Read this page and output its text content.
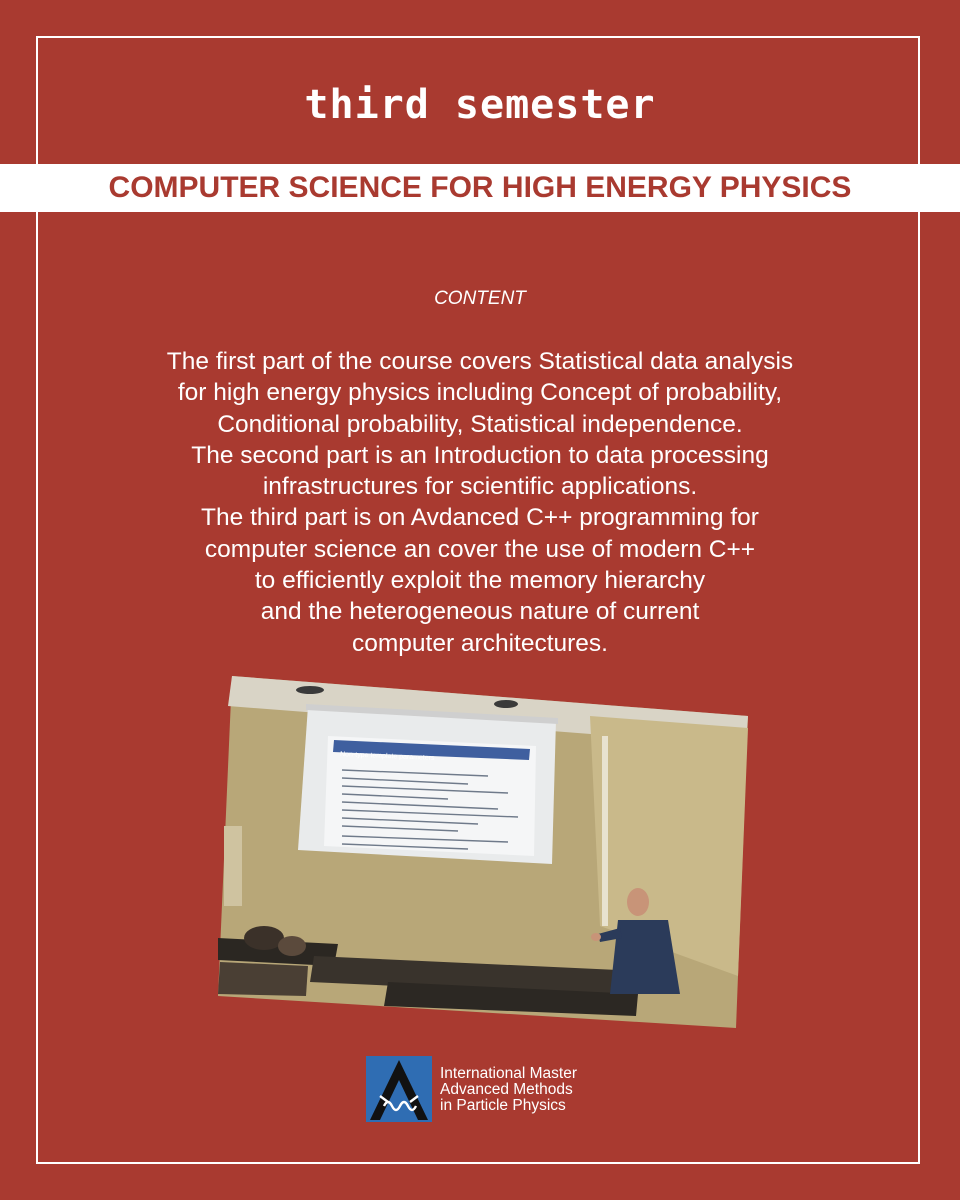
third semester
COMPUTER SCIENCE FOR HIGH ENERGY PHYSICS
CONTENT
The first part of the course covers Statistical data analysis
for high energy physics including Concept of probability,
Conditional probability, Statistical independence.
The second part is an Introduction to data processing
infrastructures for scientific applications.
The third part is on Avdanced C++ programming for
computer science an cover the use of modern C++
to efficiently exploit the memory hierarchy
and the heterogeneous nature of current
computer architectures.
Non-type template parameters
International Master
Advanced Methods
in Particle Physics
